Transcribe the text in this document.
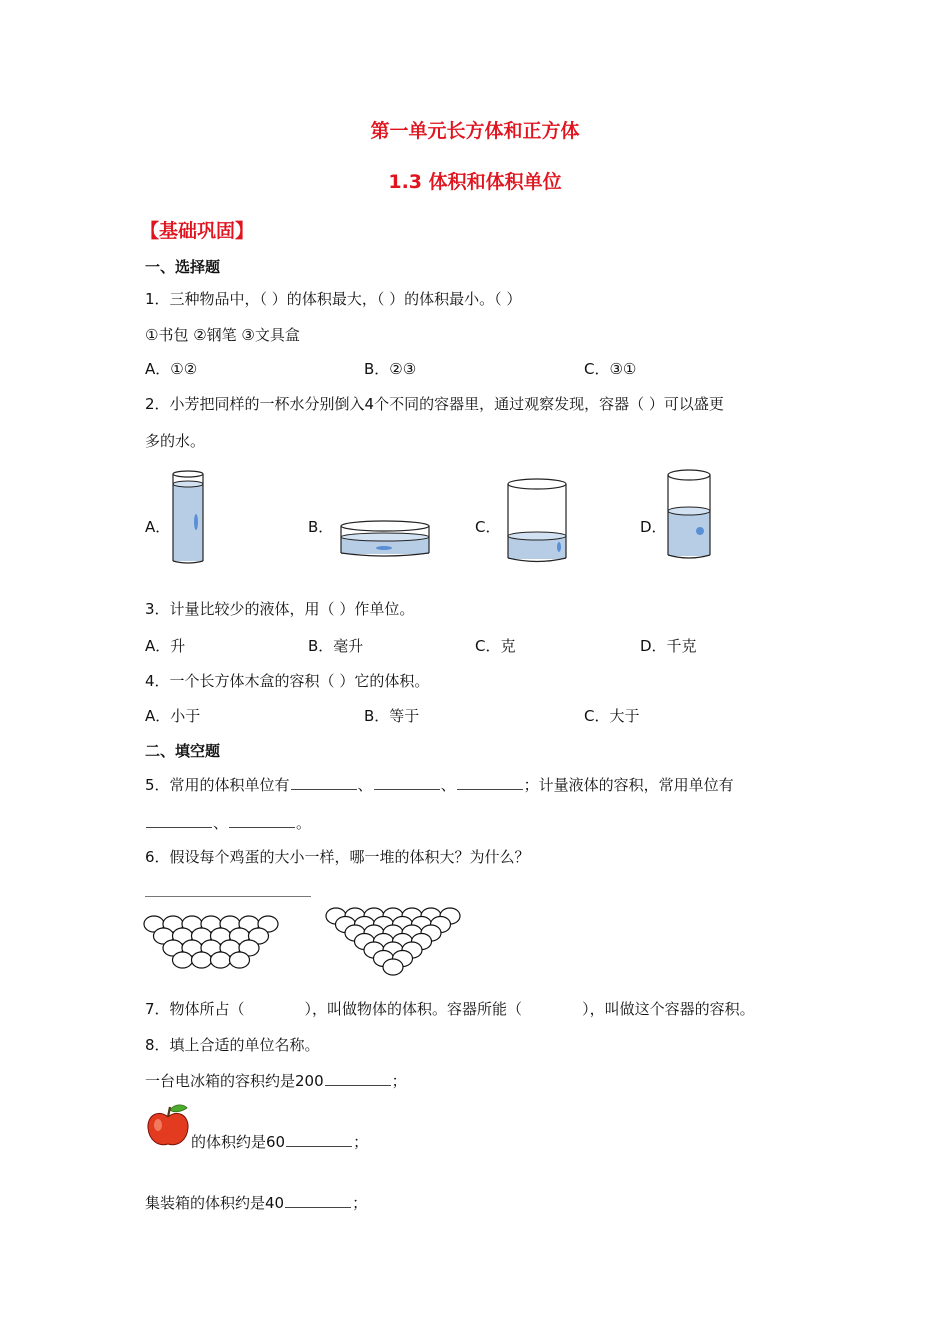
第一单元长方体和正方体
1.3 体积和体积单位
【基础巩固】
一、选择题
1．三种物品中，（ ）的体积最大，（ ）的体积最小。（ ）
①书包 ②钢笔 ③文具盒
A．①②	B．②③	C．③①
2．小芳把同样的一杯水分别倒入4个不同的容器里，通过观察发现，容器（ ）可以盛更
多的水。
A．	B．	C．	D．
3．计量比较少的液体，用（ ）作单位。
A．升	B．毫升	C．克	D．千克
4．一个长方体木盒的容积（ ）它的体积。
A．小于	B．等于	C．大于
二、填空题
5．常用的体积单位有	、	、	；计量液体的容积，常用单位有
、	。
6．假设每个鸡蛋的大小一样，哪一堆的体积大？为什么？
7．物体所占（	），叫做物体的体积。容器所能（	），叫做这个容器的容积。
8．填上合适的单位名称。
一台电冰箱的容积约是200	；
的体积约是60	；
集装箱的体积约是40	；
